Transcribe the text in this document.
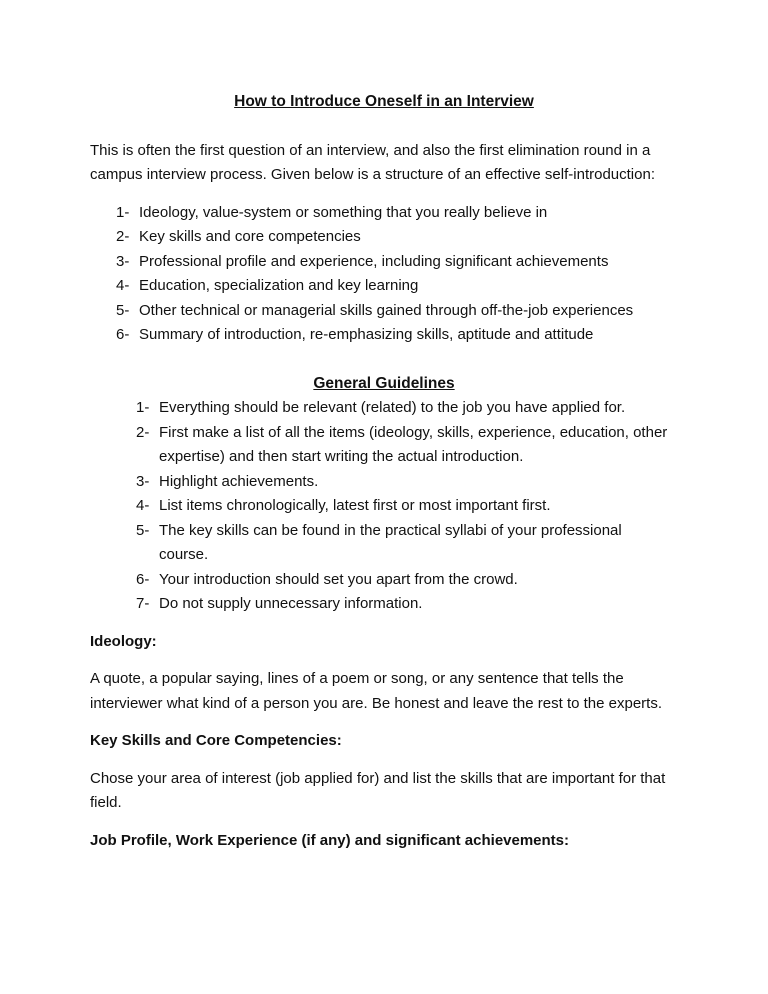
How to Introduce Oneself in an Interview

This is often the first question of an interview, and also the first elimination round in a campus interview process. Given below is a structure of an effective self-introduction:

Ideology, value-system or something that you really believe in
Key skills and core competencies
Professional profile and experience, including significant achievements
Education, specialization and key learning
Other technical or managerial skills gained through off-the-job experiences
Summary of introduction, re-emphasizing skills, aptitude and attitude
General Guidelines
Everything should be relevant (related) to the job you have applied for.
First make a list of all the items (ideology, skills, experience, education, other expertise) and then start writing the actual introduction.
Highlight achievements.
List items chronologically, latest first or most important first.
The key skills can be found in the practical syllabi of your professional course.
Your introduction should set you apart from the crowd.
Do not supply unnecessary information.
Ideology:

A quote, a popular saying, lines of a poem or song, or any sentence that tells the interviewer what kind of a person you are. Be honest and leave the rest to the experts.

Key Skills and Core Competencies:

Chose your area of interest (job applied for) and list the skills that are important for that field.

Job Profile, Work Experience (if any) and significant achievements:
